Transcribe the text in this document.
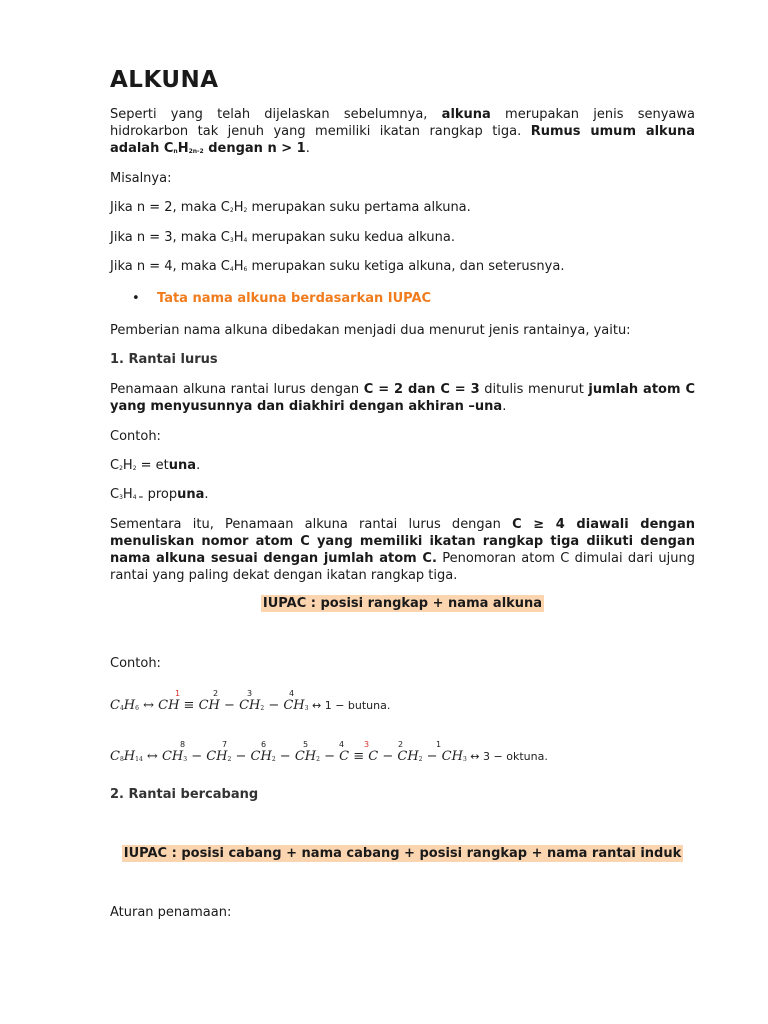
ALKUNA
Seperti yang telah dijelaskan sebelumnya, alkuna merupakan jenis senyawa hidrokarbon tak jenuh yang memiliki ikatan rangkap tiga. Rumus umum alkuna adalah $C_nH_{2n-2}$ dengan n > 1.
Misalnya:
Jika n = 2, maka $C_2H_2$ merupakan suku pertama alkuna.
Jika n = 3, maka $C_3H_4$ merupakan suku kedua alkuna.
Jika n = 4, maka $C_4H_6$ merupakan suku ketiga alkuna, dan seterusnya.
• Tata nama alkuna berdasarkan IUPAC
Pemberian nama alkuna dibedakan menjadi dua menurut jenis rantainya, yaitu:
1. Rantai lurus
Penamaan alkuna rantai lurus dengan C = 2 dan C = 3 ditulis menurut jumlah atom C yang menyusunnya dan diakhiri dengan akhiran –una.
Contoh:
$C_2H_2$ = etuna.
$C_3H_{4 =}$ propuna.
Sementara itu, Penamaan alkuna rantai lurus dengan C ≥ 4 diawali dengan menuliskan nomor atom C yang memiliki ikatan rangkap tiga diikuti dengan nama alkuna sesuai dengan jumlah atom C. Penomoran atom C dimulai dari ujung rantai yang paling dekat dengan ikatan rangkap tiga.
IUPAC : posisi rangkap + nama alkuna
Contoh:
1	2	3	4
$C_4H_6$ ↔ CH ≡ CH − $CH_2 - CH_3$ ↔ 1 − butuna.
8	7	6	5	4 3	2	1
$C_8H_{14}$ ↔ $CH_3 - CH_2 - CH_2 - CH_2 - C \equiv C - CH_2 - CH_3$ ↔ 3 − oktuna.
2. Rantai bercabang
IUPAC : posisi cabang + nama cabang + posisi rangkap + nama rantai induk
Aturan penamaan:
